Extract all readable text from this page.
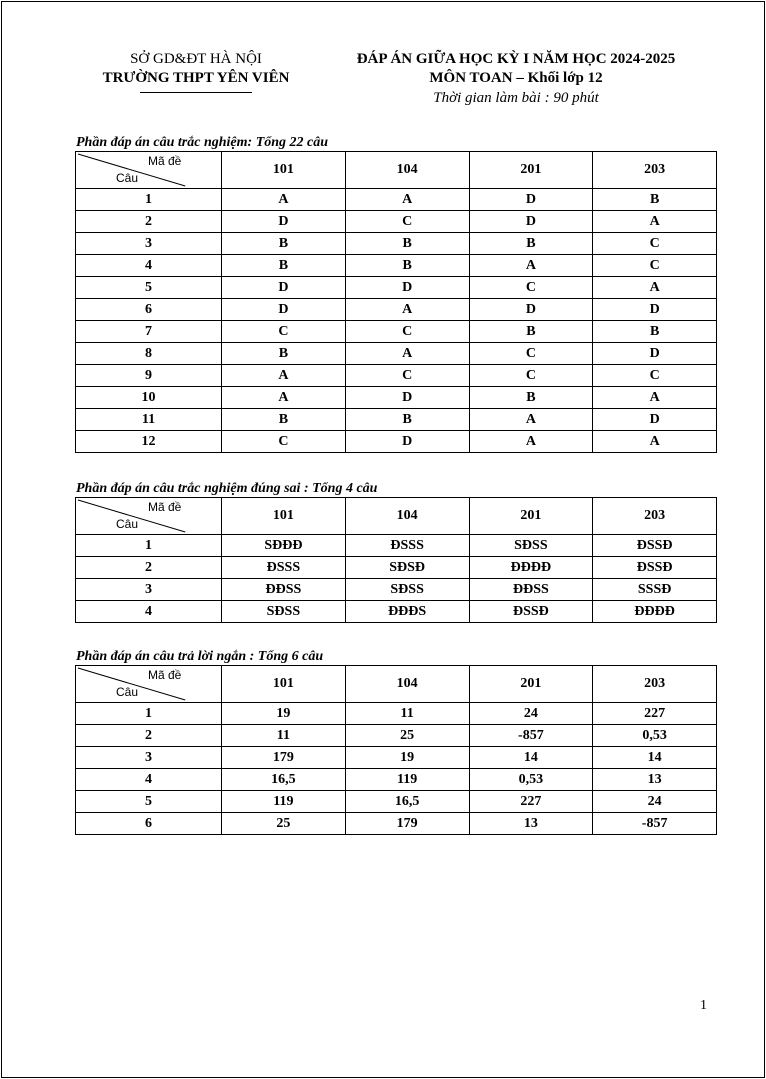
SỞ GD&ĐT HÀ NỘI
TRƯỜNG THPT YÊN VIÊN
ĐÁP ÁN GIỮA HỌC KỲ I NĂM HỌC 2024-2025
MÔN TOAN – Khối lớp 12
Thời gian làm bài : 90 phút
Phần đáp án câu trắc nghiệm: Tổng 22 câu
Mã đề
Câu	101	104	201	203
1	A	A	D	B
2	D	C	D	A
3	B	B	B	C
4	B	B	A	C
5	D	D	C	A
6	D	A	D	D
7	C	C	B	B
8	B	A	C	D
9	A	C	C	C
10	A	D	B	A
11	B	B	A	D
12	C	D	A	A
Phần đáp án câu trắc nghiệm đúng sai : Tổng 4 câu
Mã đề
Câu	101	104	201	203
1	SĐĐĐ	ĐSSS	SĐSS	ĐSSĐ
2	ĐSSS	SĐSĐ	ĐĐĐĐ	ĐSSĐ
3	ĐĐSS	SĐSS	ĐĐSS	SSSĐ
4	SĐSS	ĐĐĐS	ĐSSĐ	ĐĐĐĐ
Phần đáp án câu trả lời ngắn : Tổng 6 câu
Mã đề
Câu	101	104	201	203
1	19	11	24	227
2	11	25	-857	0,53
3	179	19	14	14
4	16,5	119	0,53	13
5	119	16,5	227	24
6	25	179	13	-857
1
